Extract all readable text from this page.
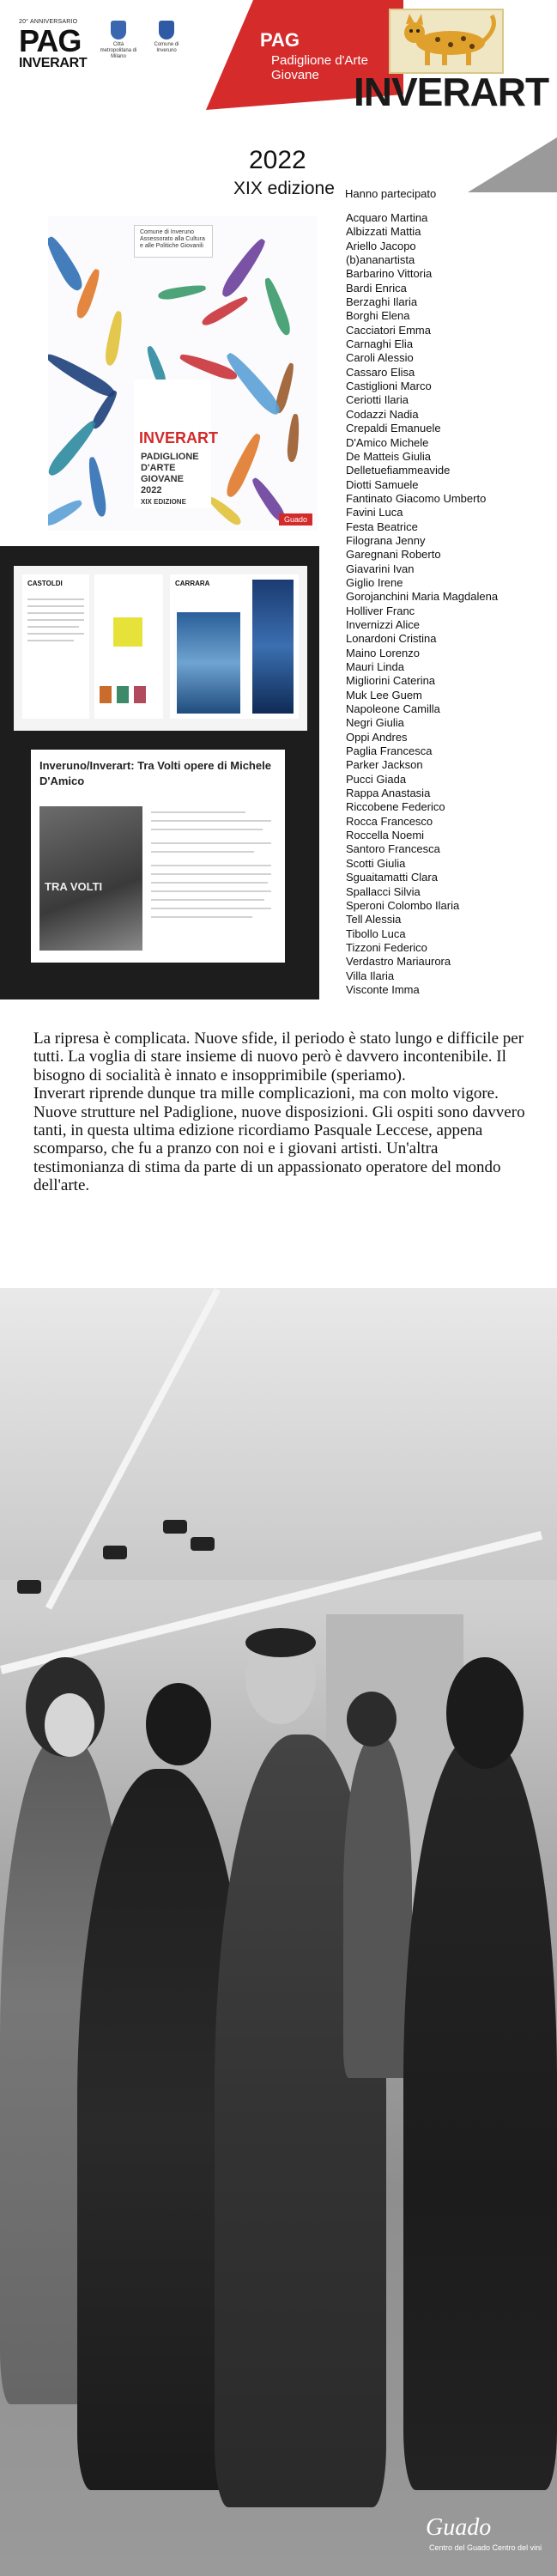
20° ANNIVERSARIO
PAG
INVERART
Città metropolitana di Milano
Comune di Inveruno	PAG
Padiglione d'Arte Giovane INVERART
2022
XIX edizione Hanno partecipato
Acquaro Martina
Albizzati Mattia
Ariello Jacopo
(b)ananartista
Barbarino Vittoria
Bardi Enrica
Berzaghi Ilaria
Borghi Elena
Cacciatori Emma
Carnaghi Elia
Caroli Alessio
Cassaro Elisa
Castiglioni Marco
Ceriotti Ilaria
Codazzi Nadia
Crepaldi Emanuele
D'Amico Michele
De Matteis Giulia
Delletuefiammeavide
Diotti Samuele
Fantinato Giacomo Umberto
Favini Luca
Festa Beatrice
Filograna Jenny
Garegnani Roberto
Giavarini Ivan
Giglio Irene
Gorojanchini Maria Magdalena
Holliver Franc
Invernizzi Alice
Lonardoni Cristina
Maino Lorenzo
Mauri Linda
Migliorini Caterina
Muk Lee Guem
Napoleone Camilla
Negri Giulia
Oppi Andres
Paglia Francesca
Parker Jackson
Pucci Giada
Rappa Anastasia
Riccobene Federico
Rocca Francesco
Roccella Noemi
Santoro Francesca
Scotti Giulia
Sguaitamatti Clara
Spallacci Silvia
Speroni Colombo Ilaria
Tell Alessia
Tibollo Luca
Tizzoni Federico
Verdastro Mariaurora
Villa Ilaria
Visconte Imma
Comune di Inveruno Assessorato alla Cultura e alle Politiche Giovanili
INVERART
PADIGLIONE
D'ARTE
GIOVANE
2022
XIX EDIZIONE
Guado
CASTOLDI	CARRARA
Inveruno/Inverart: Tra Volti opere di Michele D'Amico
TRA VOLTI

La ripresa è complicata. Nuove sfide, il periodo è stato lungo e difficile per tutti. La voglia di stare insieme di nuovo però è davvero incontenibile. Il bisogno di socialità è innato e insopprimibile (speriamo).

Inverart riprende dunque tra mille complicazioni, ma con molto vigore. Nuove strutture nel Padiglione, nuove disposizioni. Gli ospiti sono davvero tanti, in questa ultima edizione ricordiamo Pasquale Leccese, appena scomparso, che fu a pranzo con noi e i giovani artisti. Un'altra testimonianza di stima da parte di un appassionato operatore del mondo dell'arte.

Guado
Centro del Guado Centro del vini
